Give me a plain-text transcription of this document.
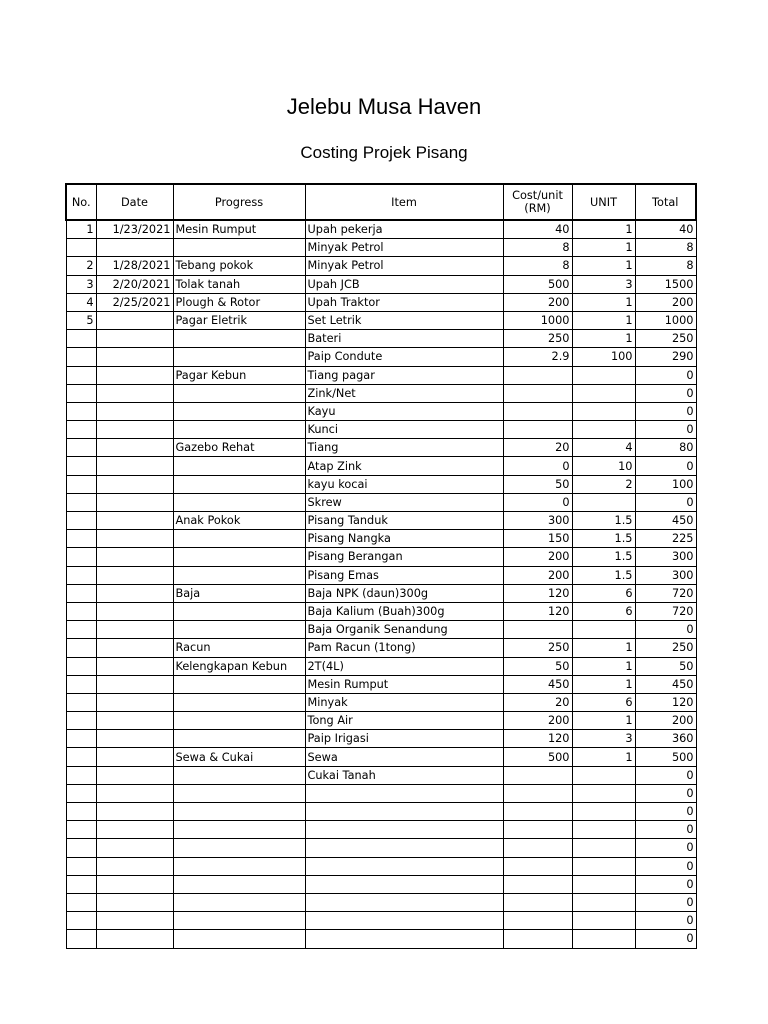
Jelebu Musa Haven
Costing Projek Pisang
No.	Date	Progress	Item	Cost/unit (RM)	UNIT	Total
1	1/23/2021	Mesin Rumput	Upah pekerja	40	1	40
			Minyak Petrol	8	1	8
2	1/28/2021	Tebang pokok	Minyak Petrol	8	1	8
3	2/20/2021	Tolak tanah	Upah JCB	500	3	1500
4	2/25/2021	Plough & Rotor	Upah Traktor	200	1	200
5		Pagar Eletrik	Set Letrik	1000	1	1000
			Bateri	250	1	250
			Paip Condute	2.9	100	290
		Pagar Kebun	Tiang pagar			0
			Zink/Net			0
			Kayu			0
			Kunci			0
		Gazebo Rehat	Tiang	20	4	80
			Atap Zink	0	10	0
			kayu kocai	50	2	100
			Skrew	0		0
		Anak Pokok	Pisang Tanduk	300	1.5	450
			Pisang Nangka	150	1.5	225
			Pisang Berangan	200	1.5	300
			Pisang Emas	200	1.5	300
		Baja	Baja NPK (daun)300g	120	6	720
			Baja Kalium (Buah)300g	120	6	720
			Baja Organik Senandung			0
		Racun	Pam Racun (1tong)	250	1	250
		Kelengkapan Kebun	2T(4L)	50	1	50
			Mesin Rumput	450	1	450
			Minyak	20	6	120
			Tong Air	200	1	200
			Paip Irigasi	120	3	360
		Sewa & Cukai	Sewa	500	1	500
			Cukai Tanah			0
						0
						0
						0
						0
						0
						0
						0
						0
						0
